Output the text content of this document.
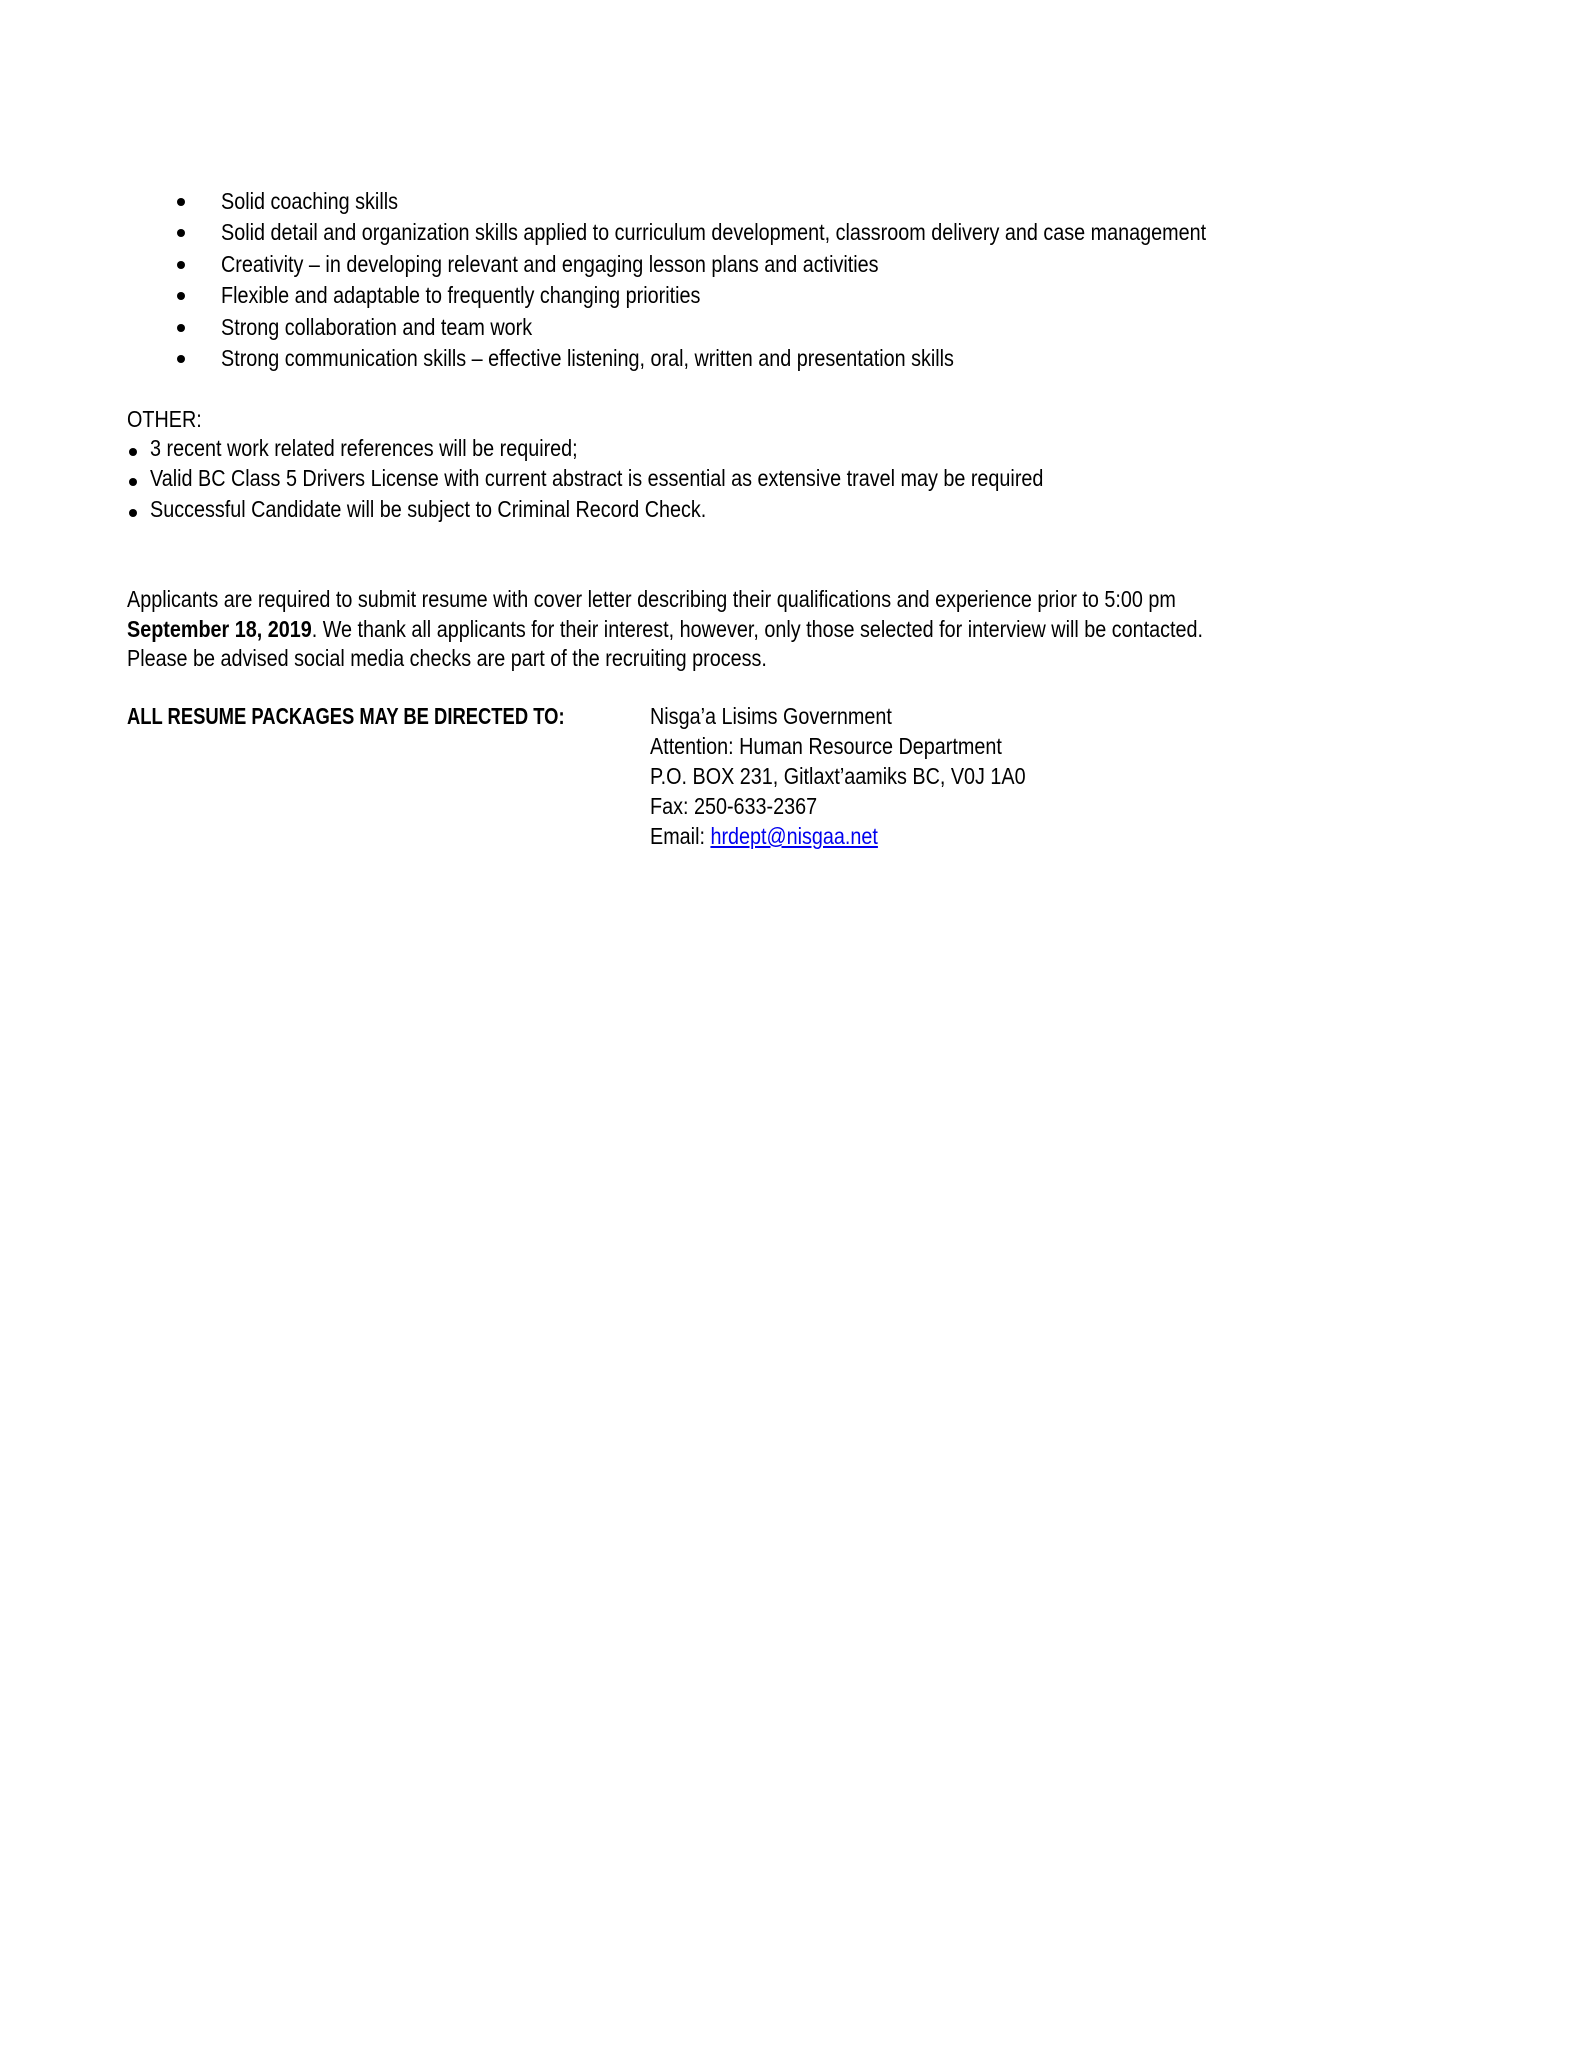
Solid coaching skills
Solid detail and organization skills applied to curriculum development, classroom delivery and case management
Creativity – in developing relevant and engaging lesson plans and activities
Flexible and adaptable to frequently changing priorities
Strong collaboration and team work
Strong communication skills – effective listening, oral, written and presentation skills
OTHER:
3 recent work related references will be required;
Valid BC Class 5 Drivers License with current abstract is essential as extensive travel may be required
Successful Candidate will be subject to Criminal Record Check.
Applicants are required to submit resume with cover letter describing their qualifications and experience prior to 5:00 pm September 18, 2019. We thank all applicants for their interest, however, only those selected for interview will be contacted. Please be advised social media checks are part of the recruiting process.
ALL RESUME PACKAGES MAY BE DIRECTED TO:	Nisga’a Lisims Government
Attention: Human Resource Department
P.O. BOX 231, Gitlaxt’aamiks BC, V0J 1A0
Fax: 250-633-2367
Email: hrdept@nisgaa.net
